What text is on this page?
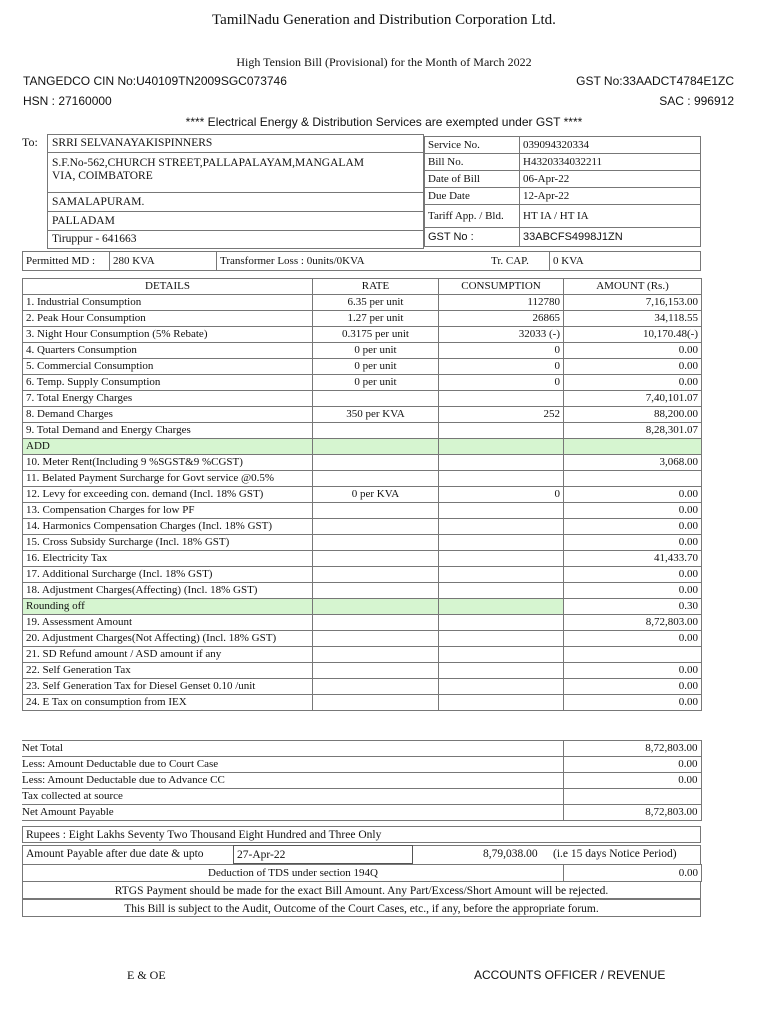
TamilNadu Generation and Distribution Corporation Ltd.
High Tension Bill (Provisional) for the Month of March 2022
TANGEDCO CIN No:U40109TN2009SGC073746	GST No:33AADCT4784E1ZC
HSN : 27160000	SAC : 996912
**** Electrical Energy & Distribution Services are exempted under GST ****
To:	SRRI SELVANAYAKISPINNERS
S.F.No-562,CHURCH STREET,PALLAPALAYAM,MANGALAM
VIA, COIMBATORE
SAMALAPURAM.
PALLADAM
Tiruppur - 641663
Service No.	039094320334
Bill No.	H4320334032211
Date of Bill	06-Apr-22
Due Date	12-Apr-22
Tariff App. / Bld.	HT IA / HT IA
GST No :	33ABCFS4998J1ZN
Permitted MD :	280 KVA	Transformer Loss : 0units/0KVA	Tr. CAP.	0 KVA
DETAILS	RATE	CONSUMPTION	AMOUNT (Rs.)
1. Industrial Consumption	6.35 per unit	112780	7,16,153.00
2. Peak Hour Consumption	1.27 per unit	26865	34,118.55
3. Night Hour Consumption (5% Rebate)	0.3175 per unit	32033 (-)	10,170.48(-)
4. Quarters Consumption	0 per unit	0	0.00
5. Commercial Consumption	0 per unit	0	0.00
6. Temp. Supply Consumption	0 per unit	0	0.00
7. Total Energy Charges			7,40,101.07
8. Demand Charges	350 per KVA	252	88,200.00
9. Total Demand and Energy Charges			8,28,301.07
ADD			
10. Meter Rent(Including 9 %SGST&9 %CGST)			3,068.00
11. Belated Payment Surcharge for Govt service @0.5%			
12. Levy for exceeding con. demand (Incl. 18% GST)	0 per KVA	0	0.00
13. Compensation Charges for low PF			0.00
14. Harmonics Compensation Charges (Incl. 18% GST)			0.00
15. Cross Subsidy Surcharge (Incl. 18% GST)			0.00
16. Electricity Tax			41,433.70
17. Additional Surcharge (Incl. 18% GST)			0.00
18. Adjustment Charges(Affecting) (Incl. 18% GST)			0.00
Rounding off			0.30
19. Assessment Amount			8,72,803.00
20. Adjustment Charges(Not Affecting) (Incl. 18% GST)			0.00
21. SD Refund amount / ASD amount if any			
22. Self Generation Tax			0.00
23. Self Generation Tax for Diesel Genset 0.10 /unit			0.00
24. E Tax on consumption from IEX			0.00
Net Total	8,72,803.00
Less: Amount Deductable due to Court Case	0.00
Less: Amount Deductable due to Advance CC	0.00
Tax collected at source	
Net Amount Payable	8,72,803.00
Rupees : Eight Lakhs Seventy Two Thousand Eight Hundred and Three Only
Amount Payable after due date & upto	27-Apr-22	8,79,038.00 (i.e 15 days Notice Period)
Deduction of TDS under section 194Q	0.00
RTGS Payment should be made for the exact Bill Amount. Any Part/Excess/Short Amount will be rejected.
This Bill is subject to the Audit, Outcome of the Court Cases, etc., if any, before the appropriate forum.
E & OE	ACCOUNTS OFFICER / REVENUE
